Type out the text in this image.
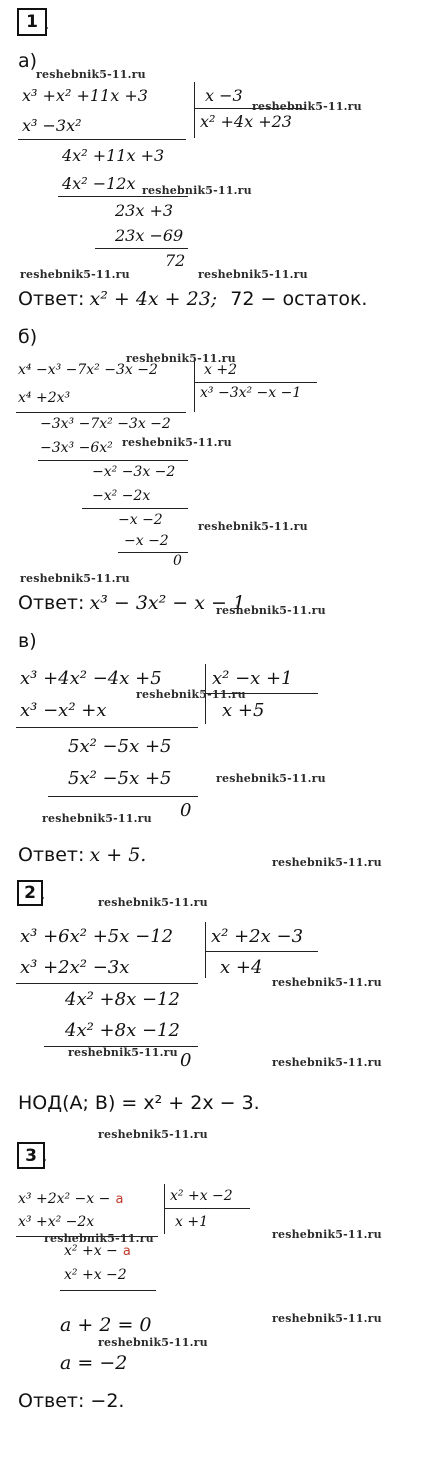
1 .
а)
x³ +x² +11x +3	x −3
x² +4x +23
x³ −3x²
4x² +11x +3
4x² −12x
23x +3
23x −69
72
Ответ: x² + 4x + 23; 72 − остаток.
б)
x⁴ −x³ −7x² −3x −2	x +2
x³ −3x² −x −1
x⁴ +2x³
−3x³ −7x² −3x −2
−3x³ −6x²
−x² −3x −2
−x² −2x
−x −2
−x −2
0
Ответ: x³ − 3x² − x − 1
в)
x³ +4x² −4x +5	x² −x +1
x +5
x³ −x² +x
5x² −5x +5
5x² −5x +5
0
Ответ: x + 5.
2 .
x³ +6x² +5x −12 x² +2x −3
x +4
x³ +2x² −3x
4x² +8x −12
4x² +8x −12
0
НОД(A; B) = x² + 2x − 3.
3 .
x³ +2x² −x − a	x² +x −2
x +1
x³ +x² −2x
x² +x − a
x² +x −2
a + 2 = 0
a = −2
Ответ: −2.
reshebnik5-11.ru
reshebnik5-11.ru
reshebnik5-11.ru
reshebnik5-11.ru	reshebnik5-11.ru
reshebnik5-11.ru
reshebnik5-11.ru
reshebnik5-11.ru
reshebnik5-11.ru
reshebnik5-11.ru
reshebnik5-11.ru
reshebnik5-11.ru
reshebnik5-11.ru
reshebnik5-11.ru
reshebnik5-11.ru
reshebnik5-11.ru
reshebnik5-11.ru
reshebnik5-11.ru
reshebnik5-11.ru
reshebnik5-11.ru
reshebnik5-11.ru
reshebnik5-11.ru
reshebnik5-11.ru
